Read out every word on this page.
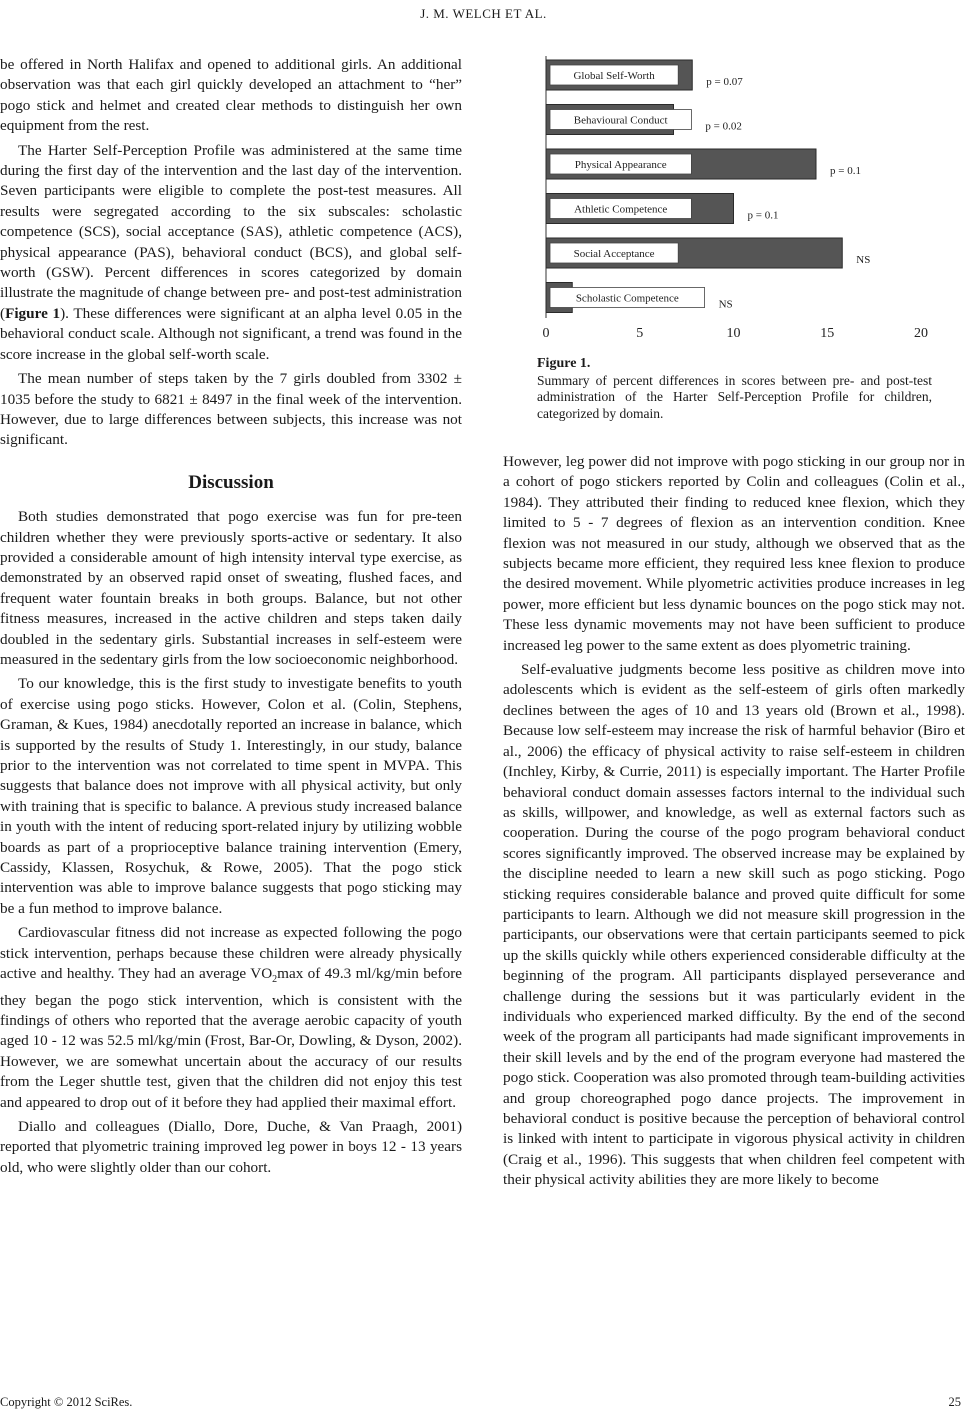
J. M. WELCH ET AL.

be offered in North Halifax and opened to additional girls. An additional observation was that each girl quickly developed an attachment to “her” pogo stick and helmet and created clear methods to distinguish her own equipment from the rest.

The Harter Self-Perception Profile was administered at the same time during the first day of the intervention and the last day of the intervention. Seven participants were eligible to complete the post-test measures. All results were segregated according to the six subscales: scholastic competence (SCS), social acceptance (SAS), athletic competence (ACS), physical appearance (PAS), behavioral conduct (BCS), and global self-worth (GSW). Percent differences in scores categorized by domain illustrate the magnitude of change between pre- and post-test administration (Figure 1). These differences were significant at an alpha level 0.05 in the behavioral conduct scale. Although not significant, a trend was found in the score increase in the global self-worth scale.

The mean number of steps taken by the 7 girls doubled from 3302 ± 1035 before the study to 6821 ± 8497 in the final week of the intervention. However, due to large differences between subjects, this increase was not significant.

Discussion

Both studies demonstrated that pogo exercise was fun for pre-teen children whether they were previously sports-active or sedentary. It also provided a considerable amount of high intensity interval type exercise, as demonstrated by an observed rapid onset of sweating, flushed faces, and frequent water fountain breaks in both groups. Balance, but not other fitness measures, increased in the active children and steps taken daily doubled in the sedentary girls. Substantial increases in self-esteem were measured in the sedentary girls from the low socioeconomic neighborhood.

To our knowledge, this is the first study to investigate benefits to youth of exercise using pogo sticks. However, Colon et al. (Colin, Stephens, Graman, & Kues, 1984) anecdotally reported an increase in balance, which is supported by the results of Study 1. Interestingly, in our study, balance prior to the intervention was not correlated to time spent in MVPA. This suggests that balance does not improve with all physical activity, but only with training that is specific to balance. A previous study increased balance in youth with the intent of reducing sport-related injury by utilizing wobble boards as part of a proprioceptive balance training intervention (Emery, Cassidy, Klassen, Rosychuk, & Rowe, 2005). That the pogo stick intervention was able to improve balance suggests that pogo sticking may be a fun method to improve balance.

Cardiovascular fitness did not increase as expected following the pogo stick intervention, perhaps because these children were already physically active and healthy. They had an average $VO_2\max$ of 49.3 ml/kg/min before they began the pogo stick intervention, which is consistent with the findings of others who reported that the average aerobic capacity of youth aged 10 - 12 was 52.5 ml/kg/min (Frost, Bar-Or, Dowling, & Dyson, 2002). However, we are somewhat uncertain about the accuracy of our results from the Leger shuttle test, given that the children did not enjoy this test and appeared to drop out of it before they had applied their maximal effort.

Diallo and colleagues (Diallo, Dore, Duche, & Van Praagh, 2001) reported that plyometric training improved leg power in boys 12 - 13 years old, who were slightly older than our cohort.

Global Self-Worth	p = 0.07
Behavioural Conduct	p = 0.02
Physical Appearance	p = 0.1
Athletic Competence	p = 0.1
Social Acceptance	NS
Scholastic Competence	NS
0	5	10	15	20
Figure 1.
Summary of percent differences in scores between pre- and post-test administration of the Harter Self-Perception Profile for children, categorized by domain.

However, leg power did not improve with pogo sticking in our group nor in a cohort of pogo stickers reported by Colin and colleagues (Colin et al., 1984). They attributed their finding to reduced knee flexion, which they limited to 5 - 7 degrees of flexion as an intervention condition. Knee flexion was not measured in our study, although we observed that as the subjects became more efficient, they required less knee flexion to produce the desired movement. While plyometric activities produce increases in leg power, more efficient but less dynamic bounces on the pogo stick may not. These less dynamic movements may not have been sufficient to produce increased leg power to the same extent as does plyometric training.

Self-evaluative judgments become less positive as children move into adolescents which is evident as the self-esteem of girls often markedly declines between the ages of 10 and 13 years old (Brown et al., 1998). Because low self-esteem may increase the risk of harmful behavior (Biro et al., 2006) the efficacy of physical activity to raise self-esteem in children (Inchley, Kirby, & Currie, 2011) is especially important. The Harter Profile behavioral conduct domain assesses factors internal to the individual such as skills, willpower, and knowledge, as well as external factors such as cooperation. During the course of the pogo program behavioral conduct scores significantly improved. The observed increase may be explained by the discipline needed to learn a new skill such as pogo sticking. Pogo sticking requires considerable balance and proved quite difficult for some participants to learn. Although we did not measure skill progression in the participants, our observations were that certain participants seemed to pick up the skills quickly while others experienced considerable difficulty at the beginning of the program. All participants displayed perseverance and challenge during the sessions but it was particularly evident in the individuals who experienced marked difficulty. By the end of the second week of the program all participants had made significant improvements in their skill levels and by the end of the program everyone had mastered the pogo stick. Cooperation was also promoted through team-building activities and group choreographed pogo dance projects. The improvement in behavioral conduct is positive because the perception of behavioral control is linked with intent to participate in vigorous physical activity in children (Craig et al., 1996). This suggests that when children feel competent with their physical activity abilities they are more likely to become

Copyright © 2012 SciRes.	25
